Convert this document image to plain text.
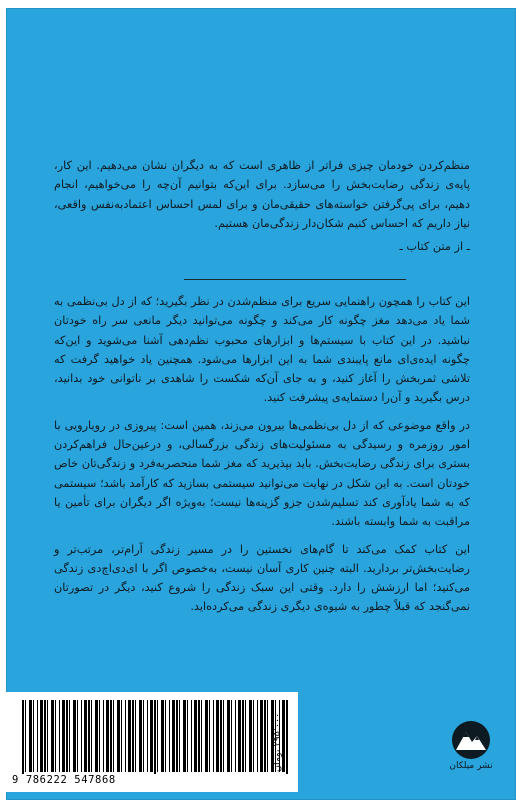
منظم‌کردن خودمان چیزی فراتر از ظاهری است که به دیگران نشان می‌دهیم. این کار، پایه‌ی زندگی رضایت‌بخش را می‌سازد. برای این‌که بتوانیم آن‌چه را می‌خواهیم، انجام دهیم، برای پی‌گرفتن خواسته‌های حقیقی‌مان و برای لمس احساس اعتمادبه‌نفس واقعی، نیاز داریم که احساس کنیم شکان‌دار زندگی‌مان هستیم.
ـ از متن کتاب ـ

این کتاب را همچون راهنمایی سریع برای منظم‌شدن در نظر بگیرید؛ که از دل بی‌نظمی به شما یاد می‌دهد مغز چگونه کار می‌کند و چگونه می‌توانید دیگر مانعی سر راه خودتان نباشید. در این کتاب با سیستم‌ها و ابزارهای محبوب نظم‌دهی آشنا می‌شوید و این‌که چگونه ایده‌ی‌ای مانع پایبندی شما به این ابزارها می‌شود. همچنین یاد خواهید گرفت که تلاشی ثمربخش را آغاز کنید، و به جای آن‌که شکست را شاهدی بر ناتوانی خود بدانید، درس بگیرید و آن‌را دستمایه‌ی پیشرفت کنید.

در واقع موضوعی که از دل بی‌نظمی‌ها بیرون می‌زند، همین است: پیروزی در رویارویی با امور روزمره و رسیدگی به مسئولیت‌های زندگی بزرگسالی، و درعین‌حال فراهم‌کردن بستری برای زندگی رضایت‌بخش. باید بپذیرید که مغز شما منحصربه‌فرد و زندگی‌تان خاص خودتان است. به این شکل در نهایت می‌توانید سیستمی بسازید که کارآمد باشد؛ سیستمی که به شما یادآوری کند تسلیم‌شدن جزو گزینه‌ها نیست؛ به‌ویژه اگر دیگران برای تأمین یا مراقبت به شما وابسته باشند.

این کتاب کمک می‌کند تا گام‌های نخستین را در مسیر زندگی آرام‌تر، مرتب‌تر و رضایت‌بخش‌تر بردارید. البته چنین کاری آسان نیست، به‌خصوص اگر با ای‌دی‌اچ‌دی زندگی می‌کنید؛ اما ارزشش را دارد. وقتی این سبک زندگی را شروع کنید، دیگر در تصورتان نمی‌گنجد که قبلاً چطور به شیوه‌ی دیگری زندگی می‌کرده‌اید.

نشر میلکان
9 786222 547868
۲۹۵٬۰۰۰ تومان
